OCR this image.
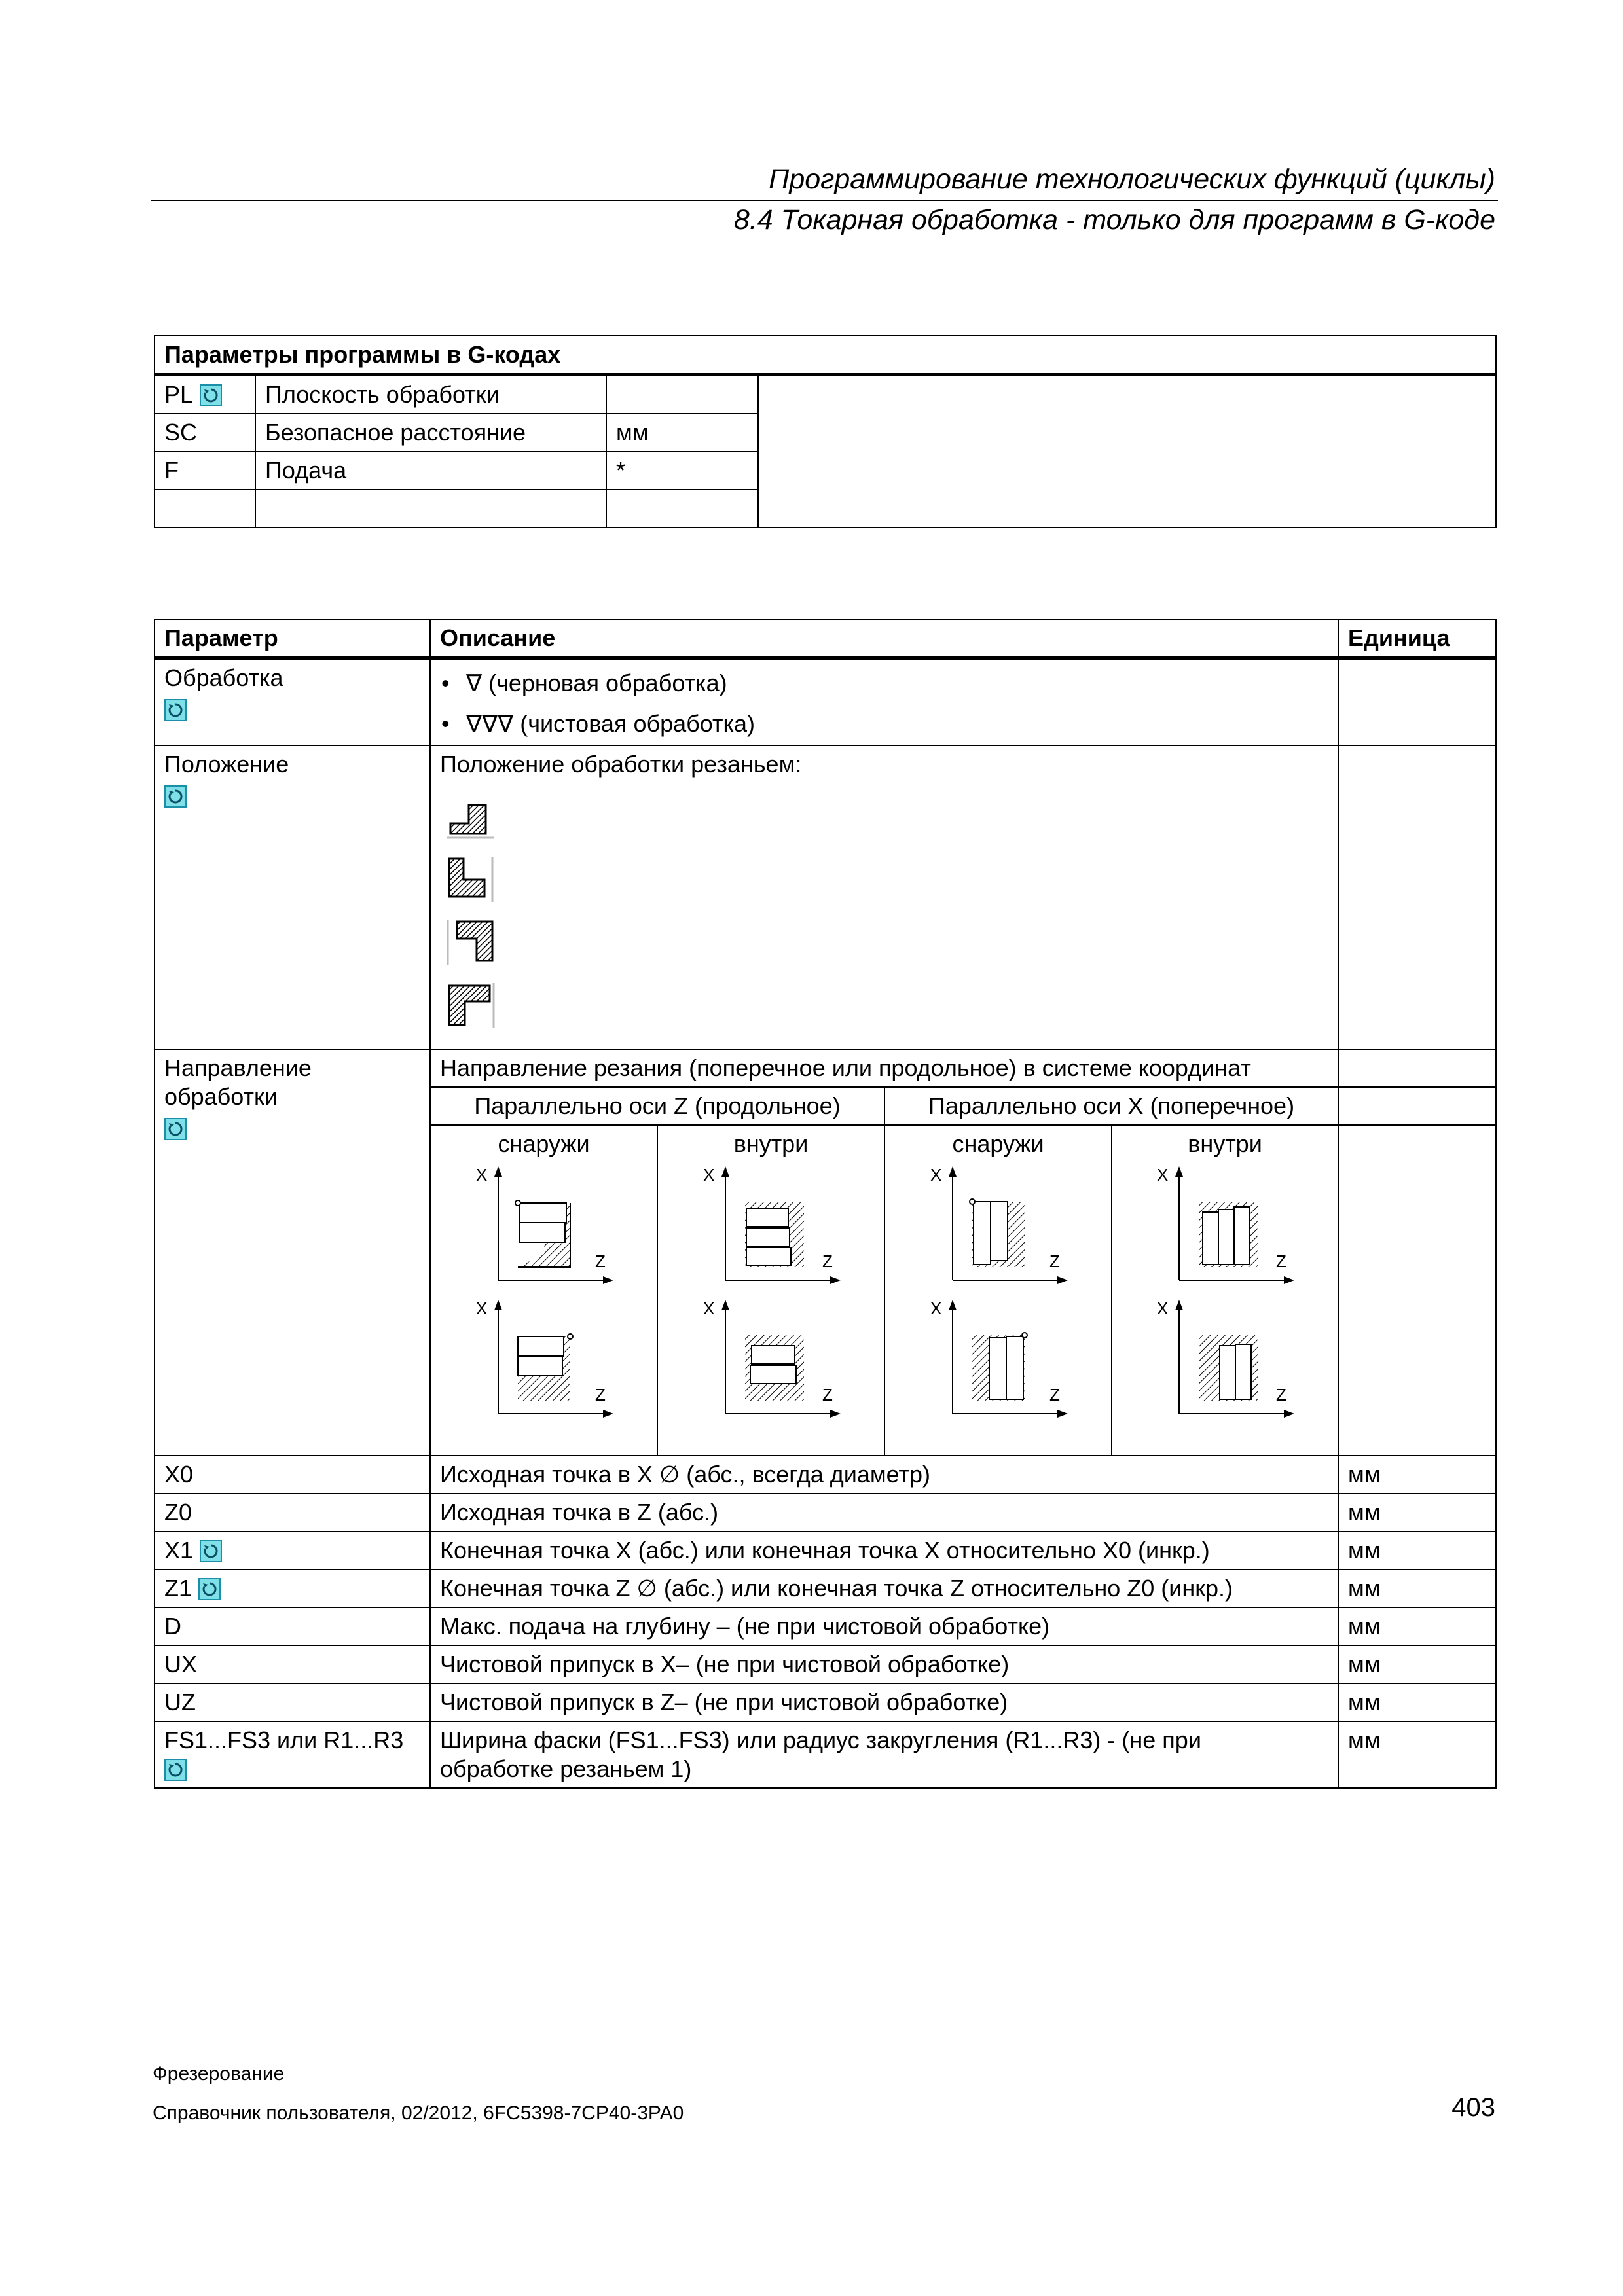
Программирование технологических функций (циклы)
8.4 Токарная обработка - только для программ в G-коде
Параметры программы в G-кодах			
PL	Плоскость обработки		
SC	Безопасное расстояние	мм	
F	Подача	*	

Параметр	Описание				Единица
Обработка	• ∇ (черновая обработка)
• ∇∇∇ (чистовая обработка)

Положение	Положение обработки резаньем:			

Направление обработки	Направление резания (поперечное или продольное) в системе координат				
	Параллельно оси Z (продольное)		Параллельно оси X (поперечное)		

	снаружи
X
Z
X
Z	внутри
X
Z
X
Z	снаружи
X
Z
X
Z	внутри
X
Z
X
Z	

X0	Исходная точка в X ∅ (абс., всегда диаметр)				мм
Z0	Исходная точка в Z (абс.)				мм
X1	Конечная точка X (абс.) или конечная точка X относительно X0 (инкр.)				мм
Z1	Конечная точка Z ∅ (абс.) или конечная точка Z относительно Z0 (инкр.)				мм
D	Макс. подача на глубину – (не при чистовой обработке)				мм
UX	Чистовой припуск в X– (не при чистовой обработке)				мм
UZ	Чистовой припуск в Z– (не при чистовой обработке)				мм
FS1...FS3 или R1...R3	Ширина фаски (FS1...FS3) или радиус закругления (R1...R3) - (не при обработке резаньем 1)				мм
Фрезерование
Справочник пользователя, 02/2012, 6FC5398-7CP40-3PA0	403
